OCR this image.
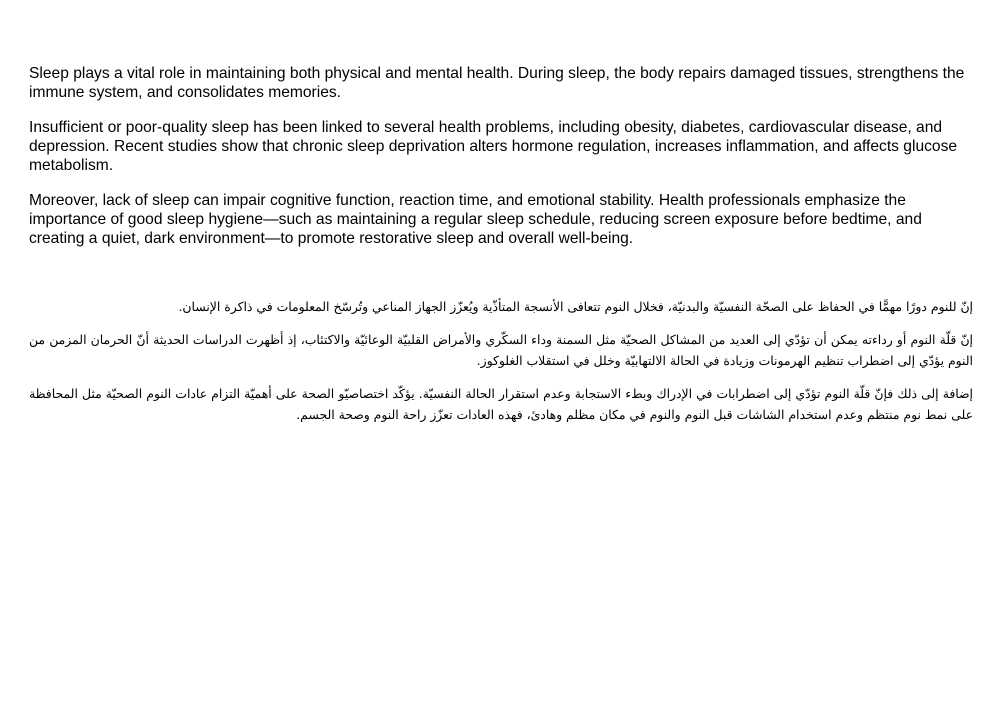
Sleep plays a vital role in maintaining both physical and mental health. During sleep, the body repairs damaged tissues, strengthens the immune system, and consolidates memories.

Insufficient or poor-quality sleep has been linked to several health problems, including obesity, diabetes, cardiovascular disease, and depression. Recent studies show that chronic sleep deprivation alters hormone regulation, increases inflammation, and affects glucose metabolism.

Moreover, lack of sleep can impair cognitive function, reaction time, and emotional stability. Health professionals emphasize the importance of good sleep hygiene—such as maintaining a regular sleep schedule, reducing screen exposure before bedtime, and creating a quiet, dark environment—to promote restorative sleep and overall well-being.

إنّ للنوم دورًا مهمًّا في الحفاظ على الصحّة النفسيّة والبدنيّة، فخلال النوم تتعافى الأنسجة المتأذّية ويُعزّز الجهاز المناعي وتُرسّخ المعلومات في ذاكرة الإنسان.

إنّ قلّة النوم أو رداءته يمكن أن تؤدّي إلى العديد من المشاكل الصحيّة مثل السمنة وداء السكّري والأمراض القلبيّة الوعائيّة والاكتئاب، إذ أظهرت الدراسات الحديثة أنّ الحرمان المزمن من النوم يؤدّي إلى اضطراب تنظيم الهرمونات وزيادة في الحالة الالتهابيّة وخلل في استقلاب الغلوكوز.

إضافة إلى ذلك فإنّ قلّة النوم تؤدّي إلى اضطرابات في الإدراك وبطء الاستجابة وعدم استقرار الحالة النفسيّة. يؤكّد اختصاصيّو الصحة على أهميّة التزام عادات النوم الصحيّة مثل المحافظة على نمط نوم منتظم وعدم استخدام الشاشات قبل النوم والنوم في مكان مظلم وهادئ، فهذه العادات تعزّز راحة النوم وصحة الجسم.
